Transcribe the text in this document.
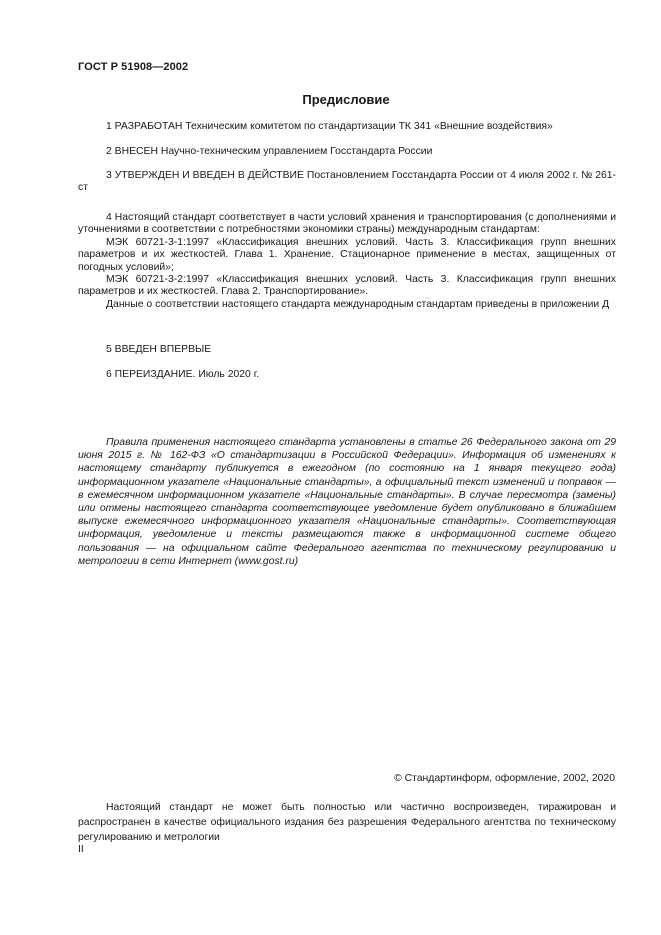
ГОСТ Р 51908—2002
Предисловие

1 РАЗРАБОТАН Техническим комитетом по стандартизации ТК 341 «Внешние воздействия»

2 ВНЕСЕН Научно-техническим управлением Госстандарта России

3 УТВЕРЖДЕН И ВВЕДЕН В ДЕЙСТВИЕ Постановлением Госстандарта России от 4 июля 2002 г. № 261-ст

4 Настоящий стандарт соответствует в части условий хранения и транспортирования (с дополнениями и уточнениями в соответствии с потребностями экономики страны) международным стандартам:

МЭК 60721-3-1:1997 «Классификация внешних условий. Часть 3. Классификация групп внешних параметров и их жесткостей. Глава 1. Хранение. Стационарное применение в местах, защищенных от погодных условий»;

МЭК 60721-3-2:1997 «Классификация внешних условий. Часть 3. Классификация групп внешних параметров и их жесткостей. Глава 2. Транспортирование».

Данные о соответствии настоящего стандарта международным стандартам приведены в приложении Д

5 ВВЕДЕН ВПЕРВЫЕ

6 ПЕРЕИЗДАНИЕ. Июль 2020 г.

Правила применения настоящего стандарта установлены в статье 26 Федерального закона от 29 июня 2015 г. № 162-ФЗ «О стандартизации в Российской Федерации». Информация об изменениях к настоящему стандарту публикуется в ежегодном (по состоянию на 1 января текущего года) информационном указателе «Национальные стандарты», а официальный текст изменений и поправок — в ежемесячном информационном указателе «Национальные стандарты». В случае пересмотра (замены) или отмены настоящего стандарта соответствующее уведомление будет опубликовано в ближайшем выпуске ежемесячного информационного указателя «Национальные стандарты». Соответствующая информация, уведомление и тексты размещаются также в информационной системе общего пользования — на официальном сайте Федерального агентства по техническому регулированию и метрологии в сети Интернет (www.gost.ru)

© Стандартинформ, оформление, 2002, 2020

Настоящий стандарт не может быть полностью или частично воспроизведен, тиражирован и распространен в качестве официального издания без разрешения Федерального агентства по техническому регулированию и метрологии

II
